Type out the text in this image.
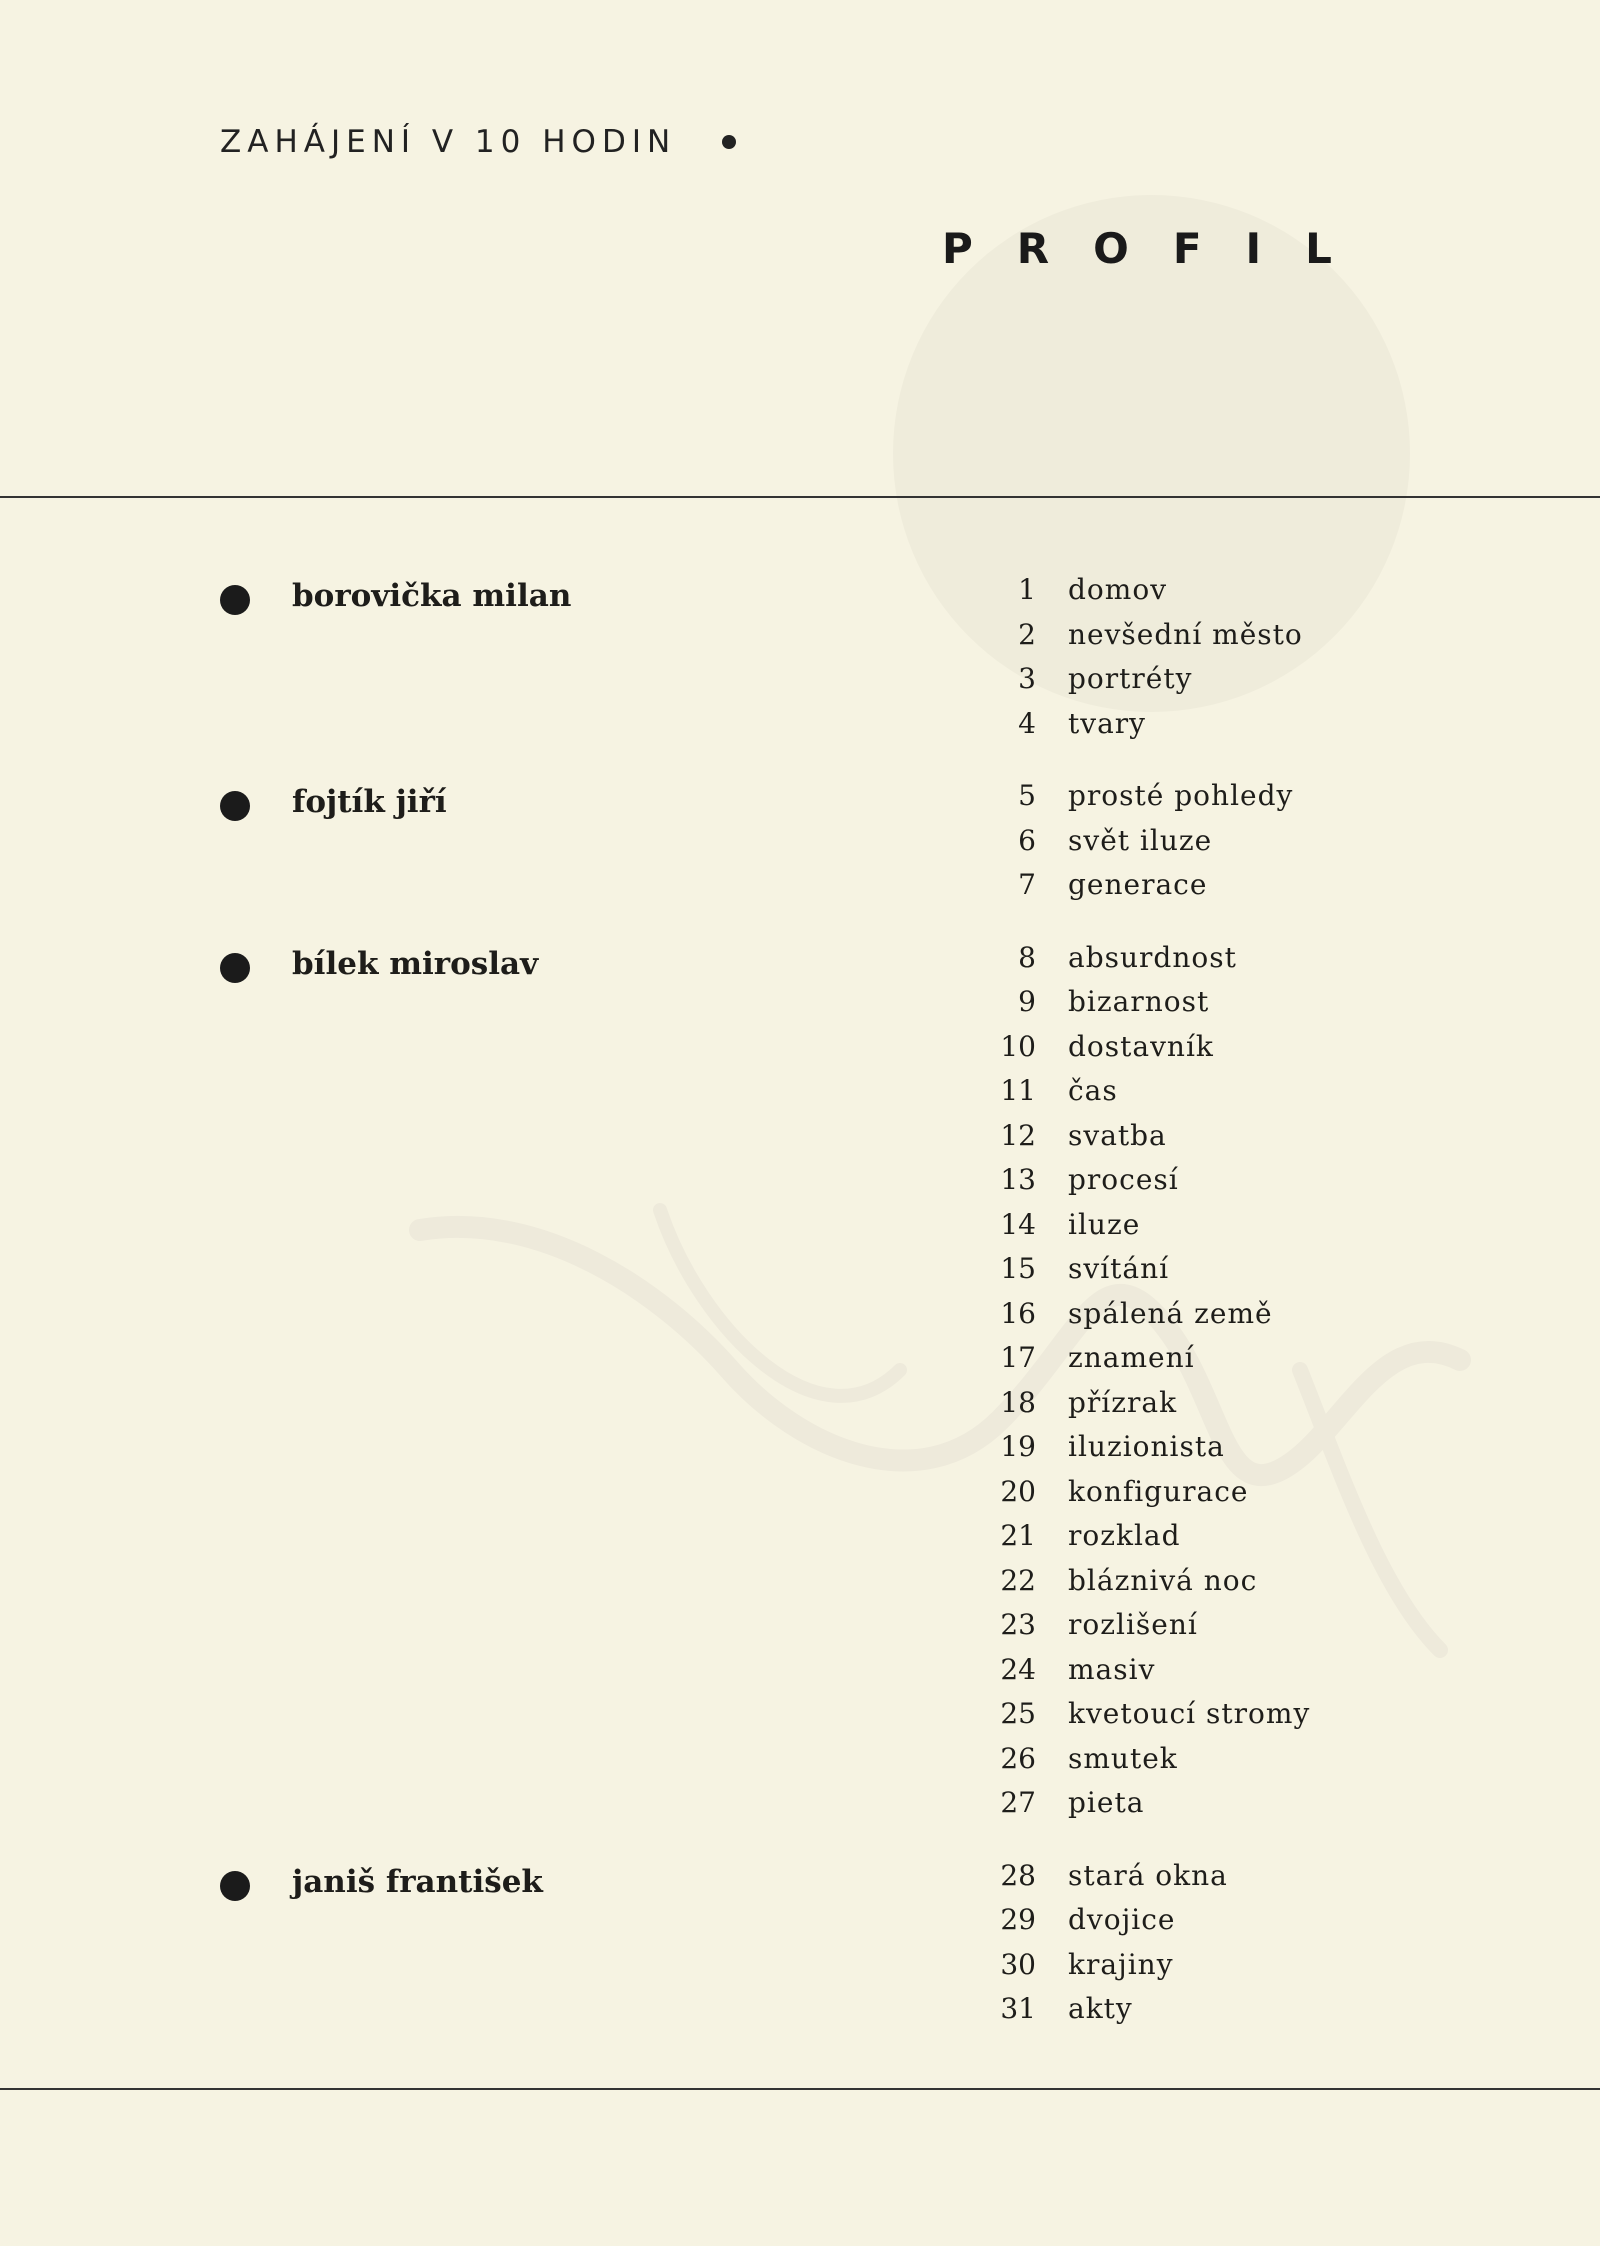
ZAHÁJENÍ V 10 HODIN
PROFIL
borovička milan
fojtík jiří
bílek miroslav
janiš františek
1 domov
2 nevšední město
3 portréty
4 tvary
5 prosté pohledy
6 svět iluze
7 generace
8 absurdnost
9 bizarnost
10 dostavník
11 čas
12 svatba
13 procesí
14 iluze
15 svítání
16 spálená země
17 znamení
18 přízrak
19 iluzionista
20 konfigurace
21 rozklad
22 bláznivá noc
23 rozlišení
24 masiv
25 kvetoucí stromy
26 smutek
27 pieta
28 stará okna
29 dvojice
30 krajiny
31 akty
